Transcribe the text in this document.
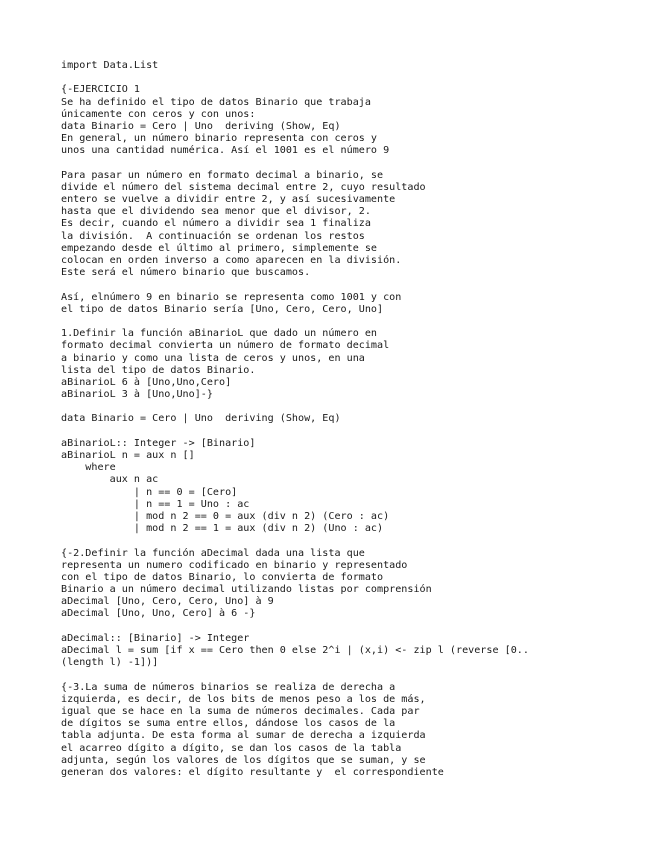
import Data.List
{-EJERCICIO 1
Se ha definido el tipo de datos Binario que trabaja
únicamente con ceros y con unos:
data Binario = Cero | Uno  deriving (Show, Eq)
En general, un número binario representa con ceros y
unos una cantidad numérica. Así el 1001 es el número 9
Para pasar un número en formato decimal a binario, se
divide el número del sistema decimal entre 2, cuyo resultado
entero se vuelve a dividir entre 2, y así sucesivamente
hasta que el dividendo sea menor que el divisor, 2.
Es decir, cuando el número a dividir sea 1 finaliza
la división.  A continuación se ordenan los restos
empezando desde el último al primero, simplemente se
colocan en orden inverso a como aparecen en la división.
Este será el número binario que buscamos.
Así, elnúmero 9 en binario se representa como 1001 y con
el tipo de datos Binario sería [Uno, Cero, Cero, Uno]
1.Definir la función aBinarioL que dado un número en
formato decimal convierta un número de formato decimal
a binario y como una lista de ceros y unos, en una
lista del tipo de datos Binario.
aBinarioL 6 à [Uno,Uno,Cero]
aBinarioL 3 à [Uno,Uno]-}
data Binario = Cero | Uno  deriving (Show, Eq)
aBinarioL:: Integer -> [Binario]
aBinarioL n = aux n []
where
aux n ac
| n == 0 = [Cero]
| n == 1 = Uno : ac
| mod n 2 == 0 = aux (div n 2) (Cero : ac)
| mod n 2 == 1 = aux (div n 2) (Uno : ac)
{-2.Definir la función aDecimal dada una lista que
representa un numero codificado en binario y representado
con el tipo de datos Binario, lo convierta de formato
Binario a un número decimal utilizando listas por comprensión
aDecimal [Uno, Cero, Cero, Uno] à 9
aDecimal [Uno, Uno, Cero] à 6 -}
aDecimal:: [Binario] -> Integer
aDecimal l = sum [if x == Cero then 0 else 2^i | (x,i) <- zip l (reverse [0..
(length l) -1])]
{-3.La suma de números binarios se realiza de derecha a
izquierda, es decir, de los bits de menos peso a los de más,
igual que se hace en la suma de números decimales. Cada par
de dígitos se suma entre ellos, dándose los casos de la
tabla adjunta. De esta forma al sumar de derecha a izquierda
el acarreo dígito a dígito, se dan los casos de la tabla
adjunta, según los valores de los dígitos que se suman, y se
generan dos valores: el dígito resultante y  el correspondiente
